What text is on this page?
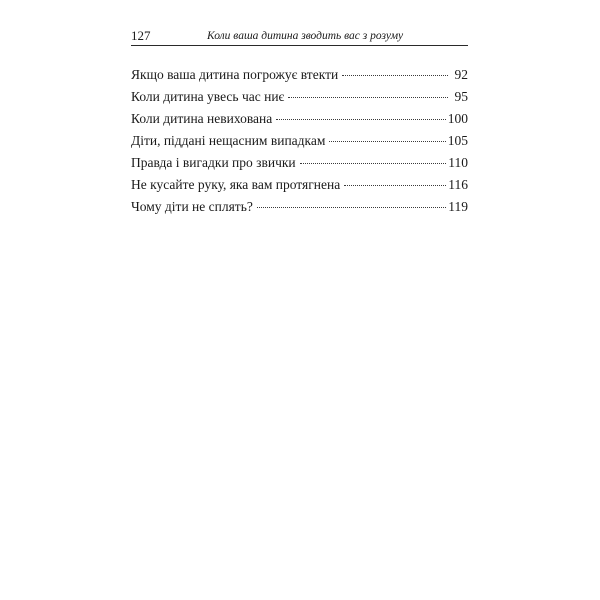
127	Коли ваша дитина зводить вас з розуму
Якщо ваша дитина погрожує втекти	92
Коли дитина увесь час ниє	95
Коли дитина невихована	100
Діти, піддані нещасним випадкам	105
Правда і вигадки про звички	110
Не кусайте руку, яка вам протягнена	116
Чому діти не сплять?	119
